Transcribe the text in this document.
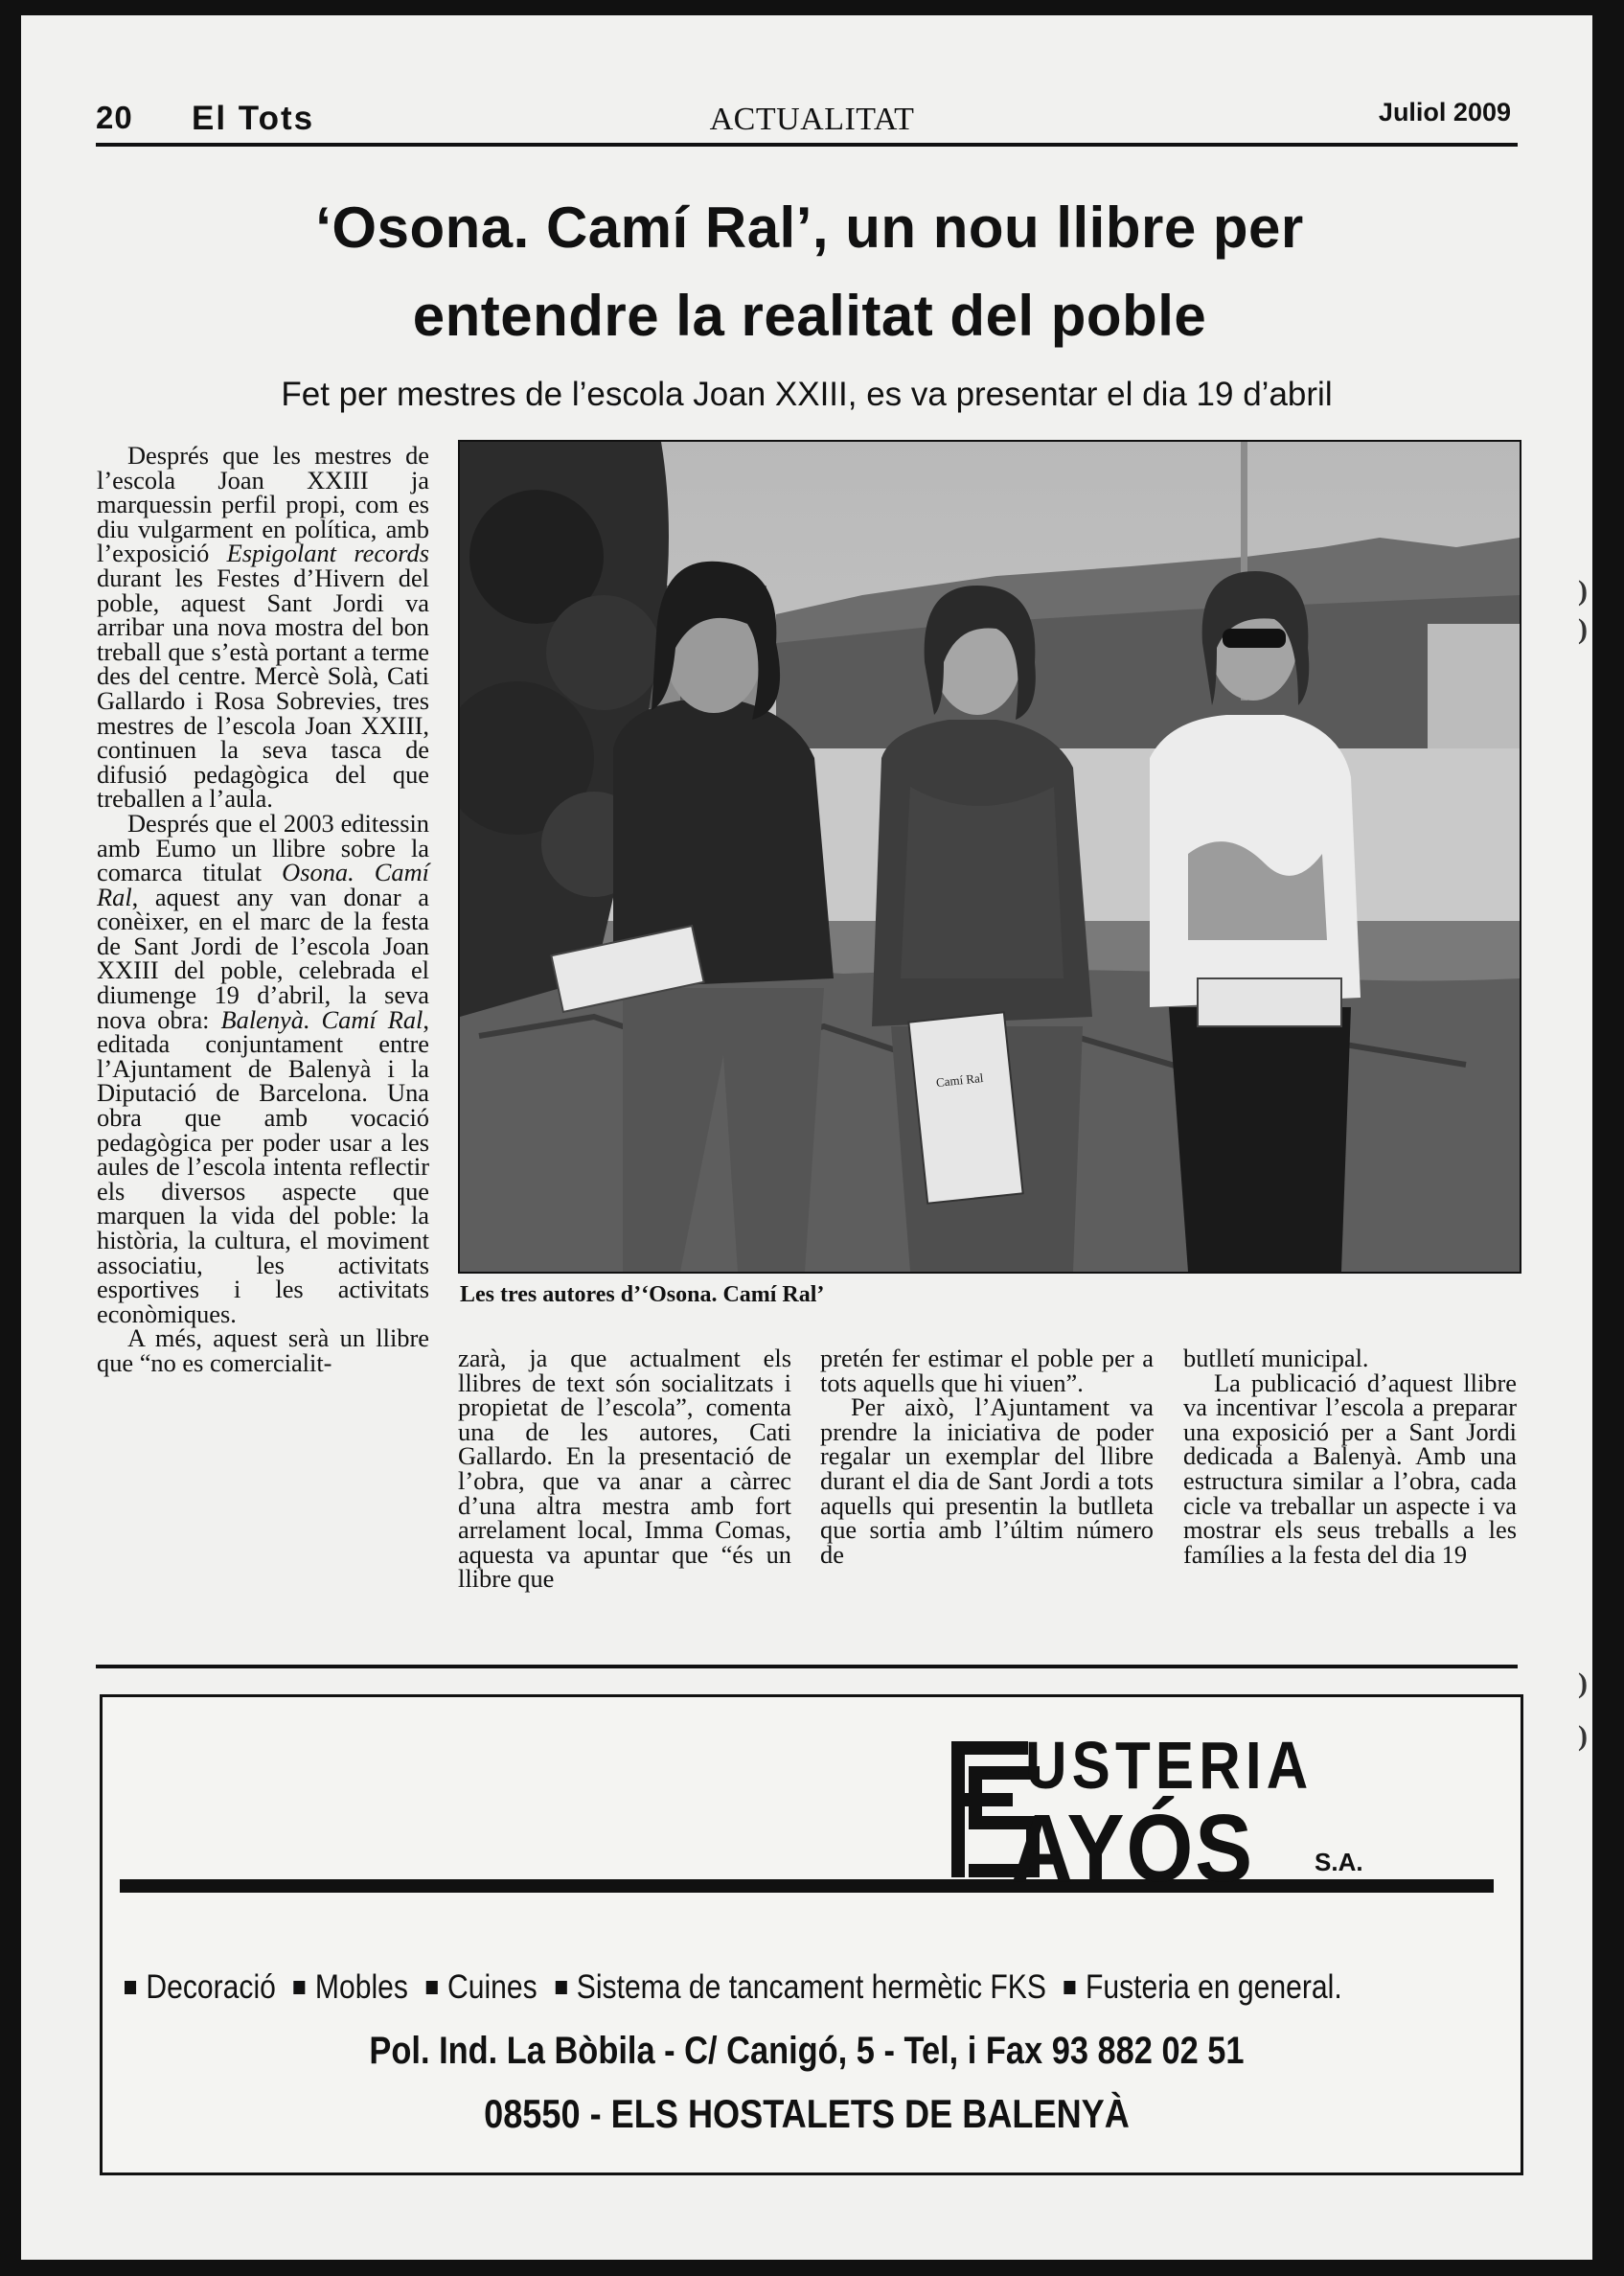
20 El Tots	ACTUALITAT	Juliol 2009
‘Osona. Camí Ral’, un nou llibre per
entendre la realitat del poble
Fet per mestres de l’escola Joan XXIII, es va presentar el dia 19 d’abril

Després que les mestres de l’escola Joan XXIII ja marquessin perfil propi, com es diu vulgarment en política, amb l’exposició Espigolant records durant les Festes d’Hivern del poble, aquest Sant Jordi va arribar una nova mostra del bon treball que s’està portant a terme des del centre. Mercè Solà, Cati Gallardo i Rosa Sobrevies, tres mestres de l’escola Joan XXIII, continuen la seva tasca de difusió pedagògica del que treballen a l’aula.

Després que el 2003 editessin amb Eumo un llibre sobre la comarca titulat Osona. Camí Ral, aquest any van donar a conèixer, en el marc de la festa de Sant Jordi de l’escola Joan XXIII del poble, celebrada el diumenge 19 d’abril, la seva nova obra: Balenyà. Camí Ral, editada conjuntament entre l’Ajuntament de Balenyà i la Diputació de Barcelona. Una obra que amb vocació pedagògica per poder usar a les aules de l’escola intenta reflectir els diversos aspecte que marquen la vida del poble: la història, la cultura, el moviment associatiu, les activitats esportives i les activitats econòmiques.

A més, aquest serà un llibre que “no es comercialit-

Camí Ral
Les tres autores d’‘Osona. Camí Ral’

zarà, ja que actualment els llibres de text són socialitzats i propietat de l’escola”, comenta una de les autores, Cati Gallardo. En la presentació de l’obra, que va anar a càrrec d’una altra mestra amb fort arrelament local, Imma Comas, aquesta va apuntar que “és un llibre que

pretén fer estimar el poble per a tots aquells que hi viuen”.

Per això, l’Ajuntament va prendre la iniciativa de poder regalar un exemplar del llibre durant el dia de Sant Jordi a tots aquells qui presentin la butlleta que sortia amb l’últim número de

butlletí municipal.

La publicació d’aquest llibre va incentivar l’escola a preparar una exposició per a Sant Jordi dedicada a Balenyà. Amb una estructura similar a l’obra, cada cicle va treballar un aspecte i va mostrar els seus treballs a les famílies a la festa del dia 19

USTERIA
AYÓS S.A.
Decoració Mobles Cuines Sistema de tancament hermètic FKS Fusteria en general.
Pol. Ind. La Bòbila - C/ Canigó, 5 - Tel, i Fax 93 882 02 51
08550 - ELS HOSTALETS DE BALENYÀ
)
)
)
)
